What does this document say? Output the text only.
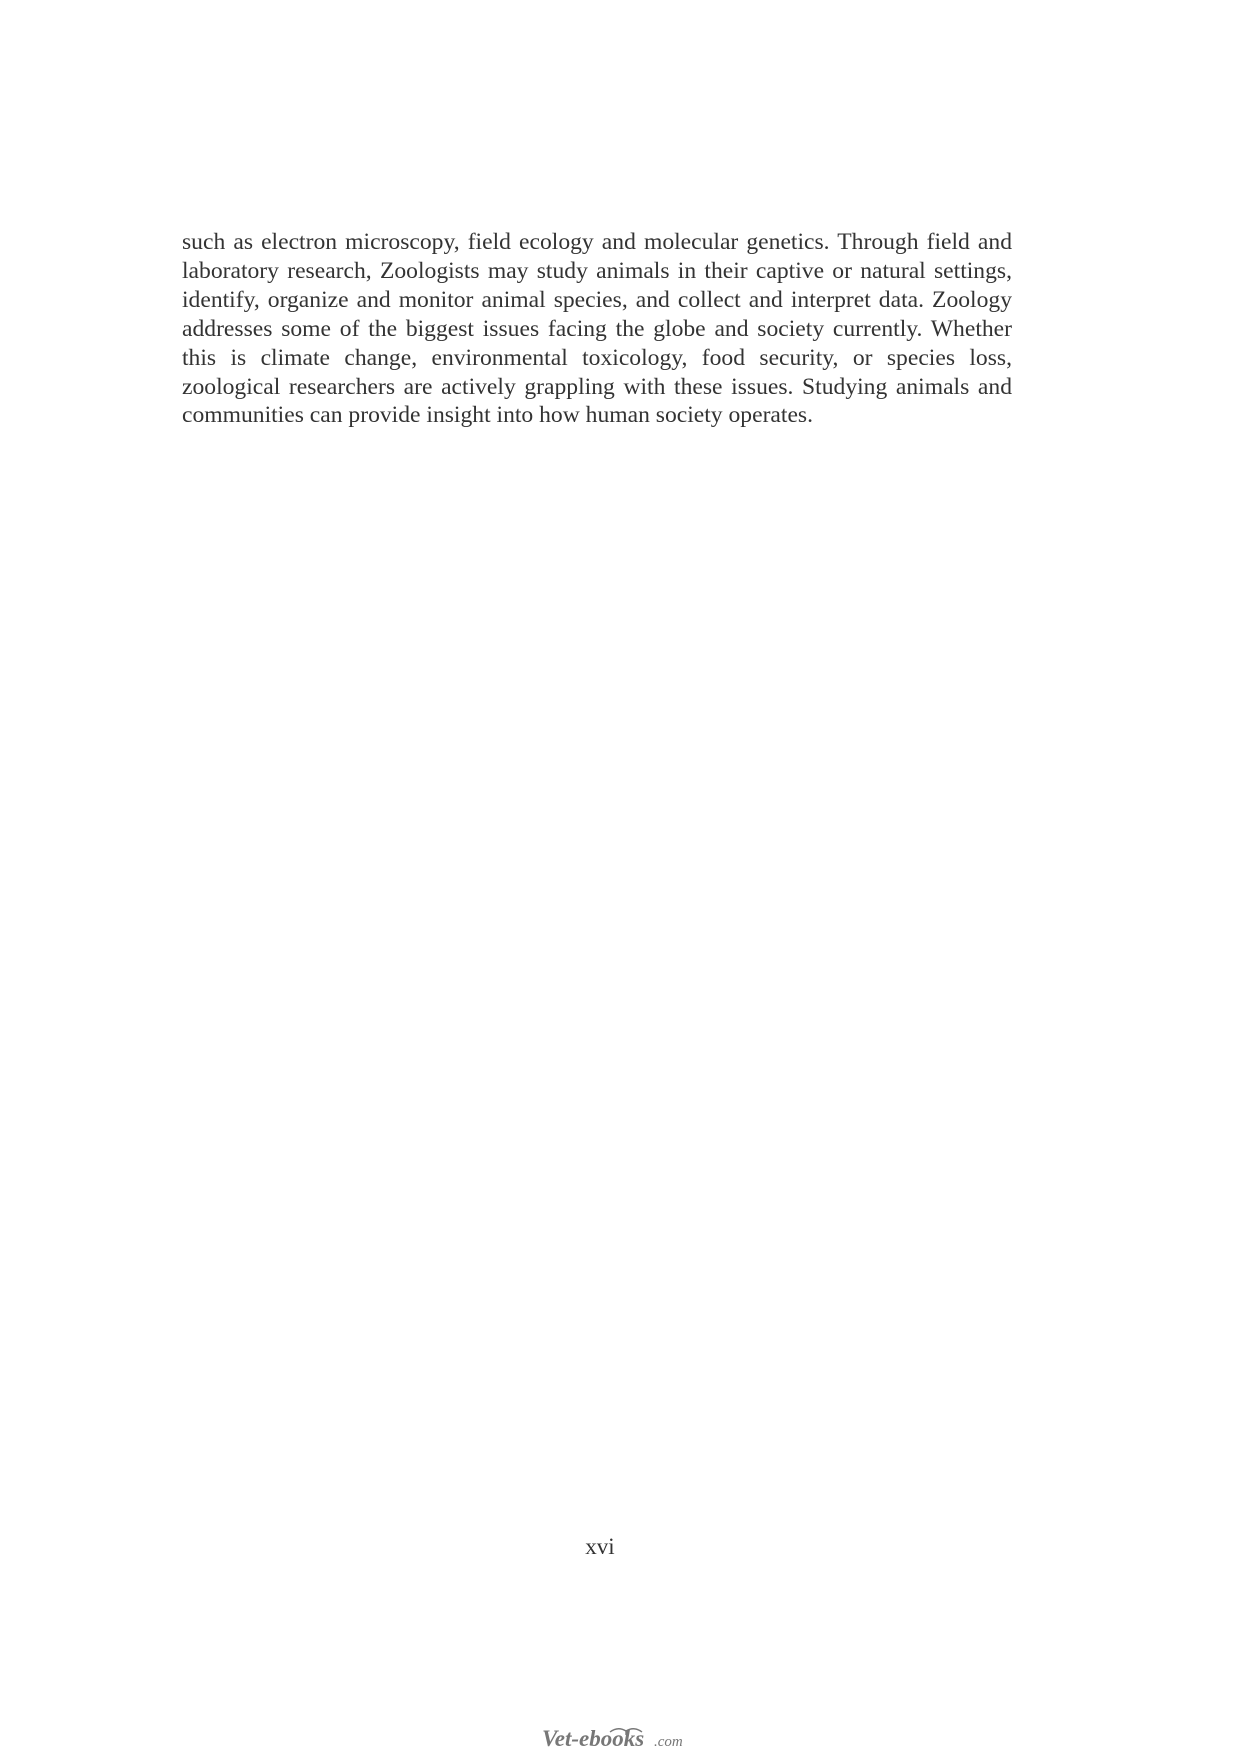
such as electron microscopy, field ecology and molecular genetics. Through field and laboratory research, Zoologists may study animals in their captive or natural settings, identify, organize and monitor animal species, and collect and interpret data. Zoology addresses some of the biggest issues facing the globe and society currently. Whether this is climate change, environmental toxicology, food security, or species loss, zoological researchers are actively grappling with these issues. Studying animals and communities can provide insight into how human society operates.

xvi
Vet-ebooks .com
